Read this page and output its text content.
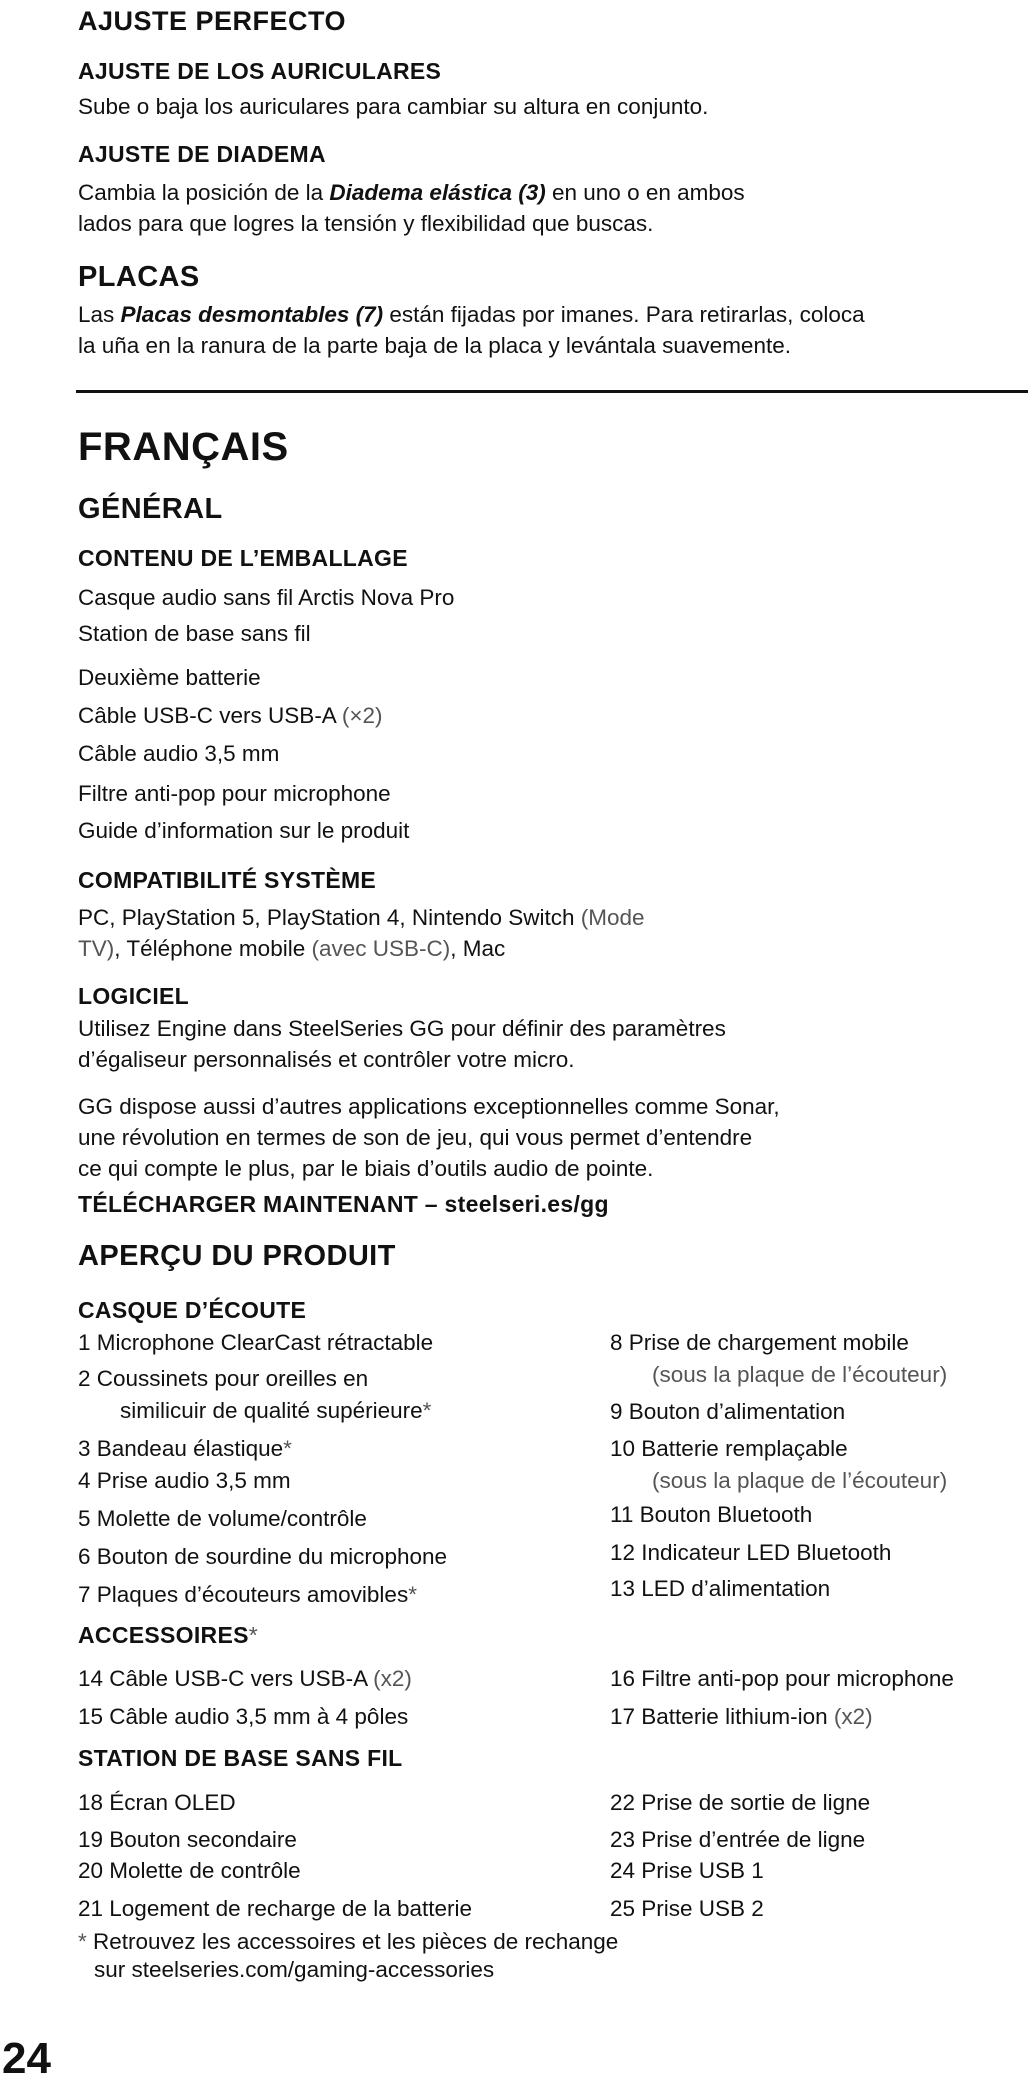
AJUSTE PERFECTO
AJUSTE DE LOS AURICULARES
Sube o baja los auriculares para cambiar su altura en conjunto.
AJUSTE DE DIADEMA
Cambia la posición de la Diadema elástica (3) en uno o en ambos
lados para que logres la tensión y flexibilidad que buscas.
PLACAS
Las Placas desmontables (7) están fijadas por imanes. Para retirarlas, coloca
la uña en la ranura de la parte baja de la placa y levántala suavemente.
FRANÇAIS
GÉNÉRAL
CONTENU DE L’EMBALLAGE
Casque audio sans fil Arctis Nova Pro
Station de base sans fil
Deuxième batterie
Câble USB-C vers USB-A (×2)
Câble audio 3,5 mm
Filtre anti-pop pour microphone
Guide d’information sur le produit
COMPATIBILITÉ SYSTÈME
PC, PlayStation 5, PlayStation 4, Nintendo Switch (Mode
TV), Téléphone mobile (avec USB-C), Mac
LOGICIEL
Utilisez Engine dans SteelSeries GG pour définir des paramètres
d’égaliseur personnalisés et contrôler votre micro.
GG dispose aussi d’autres applications exceptionnelles comme Sonar,
une révolution en termes de son de jeu, qui vous permet d’entendre
ce qui compte le plus, par le biais d’outils audio de pointe.
TÉLÉCHARGER MAINTENANT – steelseri.es/gg
APERÇU DU PRODUIT
CASQUE D’ÉCOUTE
1 Microphone ClearCast rétractable
2 Coussinets pour oreilles en
similicuir de qualité supérieure*
3 Bandeau élastique*
4 Prise audio 3,5 mm
5 Molette de volume/contrôle
6 Bouton de sourdine du microphone
7 Plaques d’écouteurs amovibles*
8 Prise de chargement mobile
(sous la plaque de l’écouteur)
9 Bouton d’alimentation
10 Batterie remplaçable
(sous la plaque de l’écouteur)
11 Bouton Bluetooth
12 Indicateur LED Bluetooth
13 LED d’alimentation
ACCESSOIRES*
14 Câble USB-C vers USB-A (x2)
15 Câble audio 3,5 mm à 4 pôles
16 Filtre anti-pop pour microphone
17 Batterie lithium-ion (x2)
STATION DE BASE SANS FIL
18 Écran OLED
19 Bouton secondaire
20 Molette de contrôle
21 Logement de recharge de la batterie
22 Prise de sortie de ligne
23 Prise d’entrée de ligne
24 Prise USB 1
25 Prise USB 2
* Retrouvez les accessoires et les pièces de rechange
sur steelseries.com/gaming-accessories
24
